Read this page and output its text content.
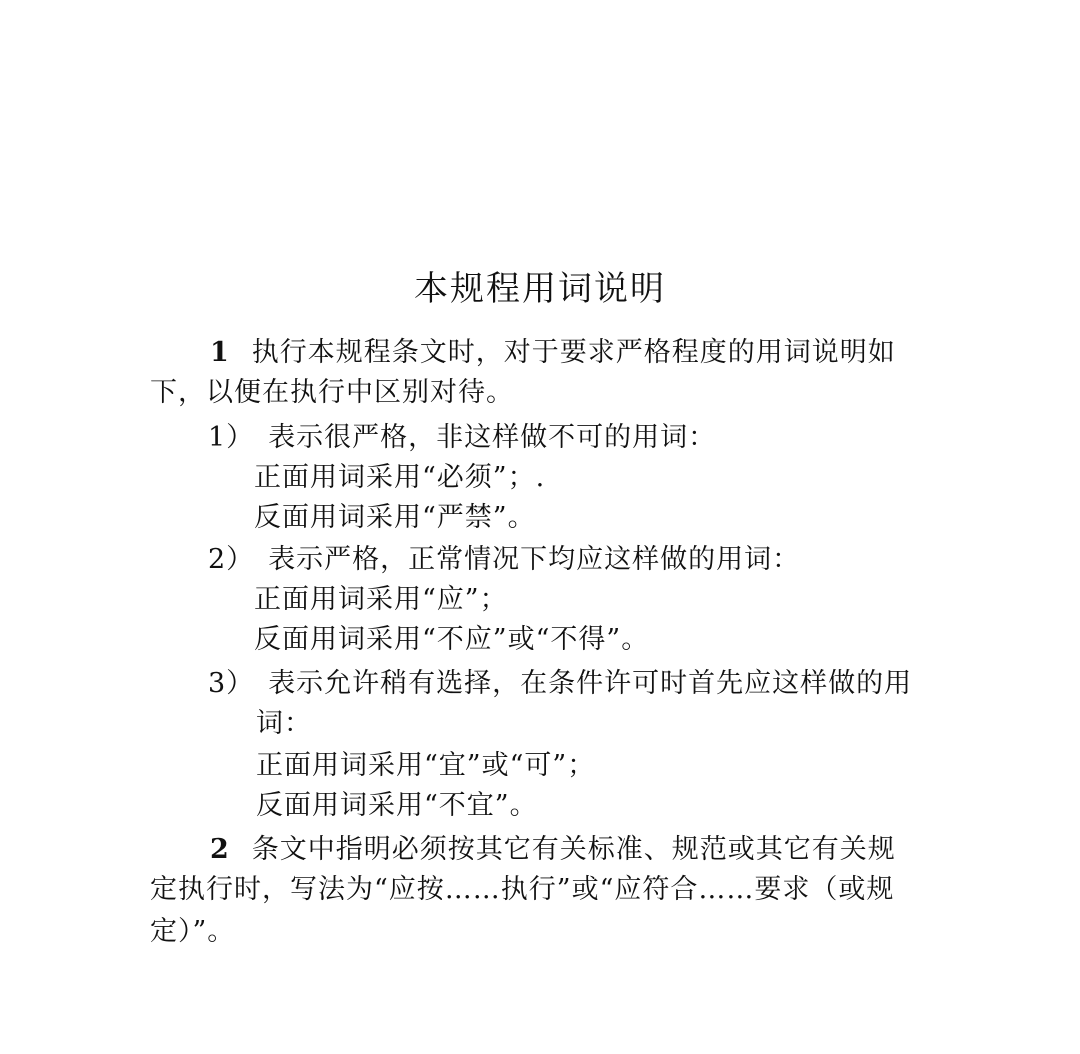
本规程用词说明
1 执行本规程条文时，对于要求严格程度的用词说明如
下，以便在执行中区别对待。
1） 表示很严格，非这样做不可的用词：
正面用词采用“必须”；.
反面用词采用“严禁”。
2） 表示严格，正常情况下均应这样做的用词：
正面用词采用“应”；
反面用词采用“不应”或“不得”。
3） 表示允许稍有选择，在条件许可时首先应这样做的用
词：
正面用词采用“宜”或“可”；
反面用词采用“不宜”。
2 条文中指明必须按其它有关标准、规范或其它有关规
定执行时，写法为“应按……执行”或“应符合……要求（或规
定）”。
